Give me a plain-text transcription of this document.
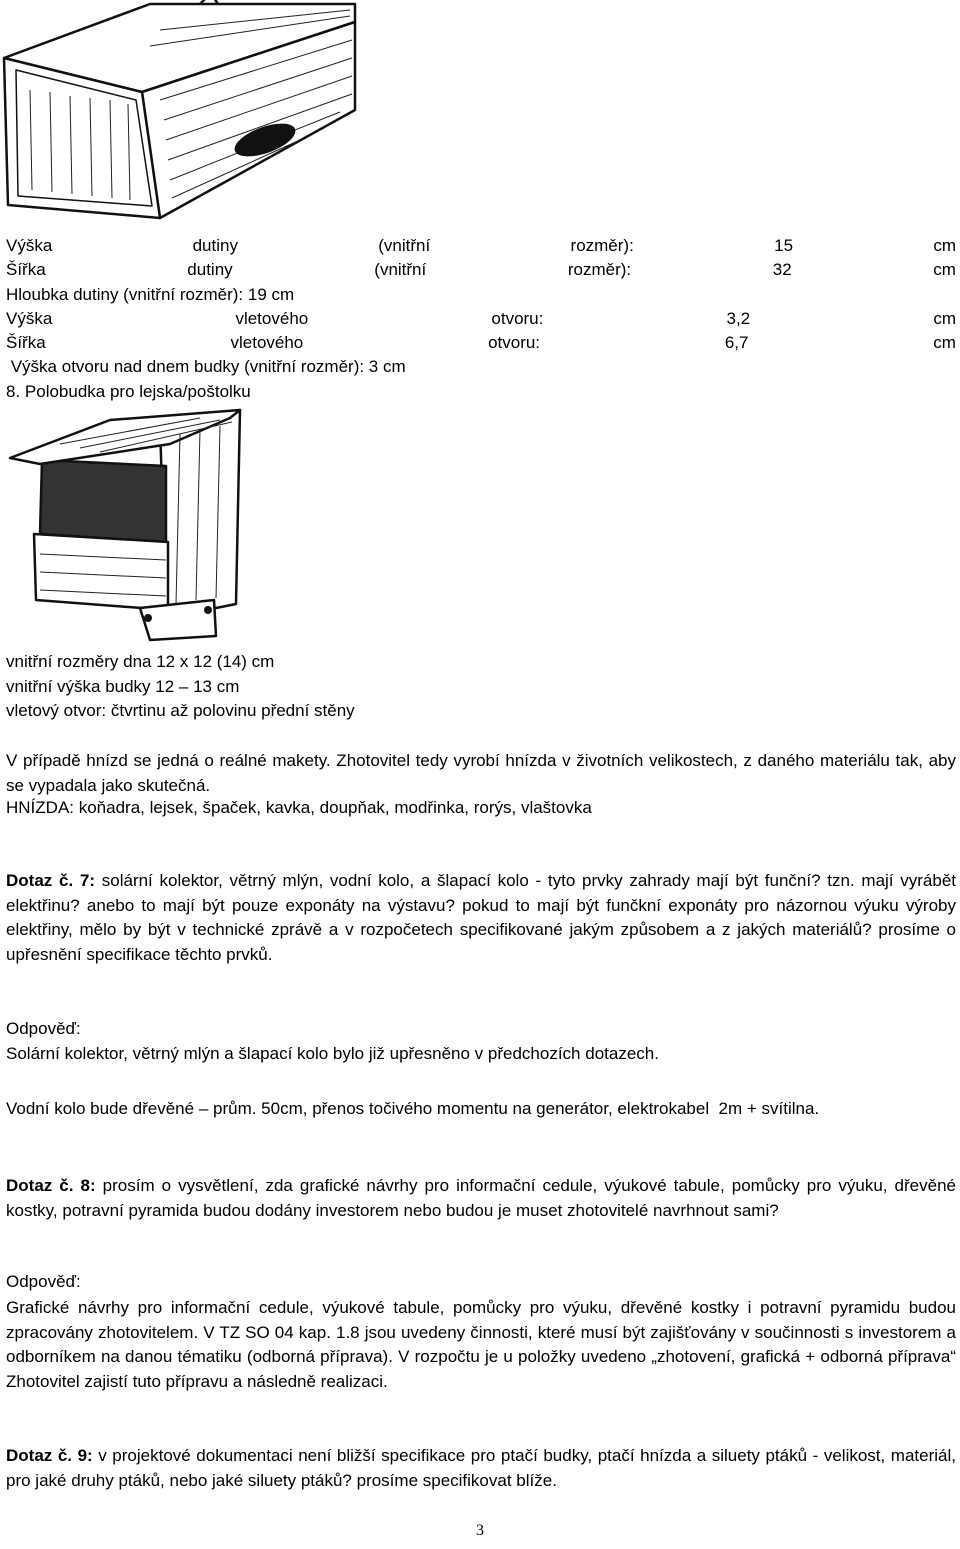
Výška	dutiny	(vnitřní	rozměr):	15	cm
Šířka	dutiny	(vnitřní	rozměr):	32	cm
Hloubka dutiny (vnitřní rozměr): 19 cm
Výška	vletového	otvoru:	3,2	cm
Šířka	vletového	otvoru:	6,7	cm
Výška otvoru nad dnem budky (vnitřní rozměr): 3 cm
8. Polobudka pro lejska/poštolku
vnitřní rozměry dna 12 x 12 (14) cm
vnitřní výška budky 12 – 13 cm
vletový otvor: čtvrtinu až polovinu přední stěny
V případě hnízd se jedná o reálné makety. Zhotovitel tedy vyrobí hnízda v životních velikostech, z daného materiálu tak, aby se vypadala jako skutečná.
HNÍZDA: koňadra, lejsek, špaček, kavka, doupňak, modřinka, rorýs, vlaštovka
Dotaz č. 7: solární kolektor, větrný mlýn, vodní kolo, a šlapací kolo - tyto prvky zahrady mají být funční? tzn. mají vyrábět elektřinu? anebo to mají být pouze exponáty na výstavu? pokud to mají být funčkní exponáty pro názornou výuku výroby elektřiny, mělo by být v technické zprávě a v rozpočetech specifikované jakým způsobem a z jakých materiálů? prosíme o upřesnění specifikace těchto prvků.
Odpověď:
Solární kolektor, větrný mlýn a šlapací kolo bylo již upřesněno v předchozích dotazech.
Vodní kolo bude dřevěné – prům. 50cm, přenos točivého momentu na generátor, elektrokabel  2m + svítilna.
Dotaz č. 8: prosím o vysvětlení, zda grafické návrhy pro informační cedule, výukové tabule, pomůcky pro výuku, dřevěné kostky, potravní pyramida budou dodány investorem nebo budou je muset zhotovitelé navrhnout sami?
Odpověď:
Grafické návrhy pro informační cedule, výukové tabule, pomůcky pro výuku, dřevěné kostky i potravní pyramidu budou zpracovány zhotovitelem. V TZ SO 04 kap. 1.8 jsou uvedeny činnosti, které musí být zajišťovány v součinnosti s investorem a odborníkem na danou tématiku (odborná příprava). V rozpočtu je u položky uvedeno „zhotovení, grafická + odborná příprava“ Zhotovitel zajistí tuto přípravu a následně realizaci.
Dotaz č. 9: v projektové dokumentaci není bližší specifikace pro ptačí budky, ptačí hnízda a siluety ptáků - velikost, materiál, pro jaké druhy ptáků, nebo jaké siluety ptáků? prosíme specifikovat blíže.
3
